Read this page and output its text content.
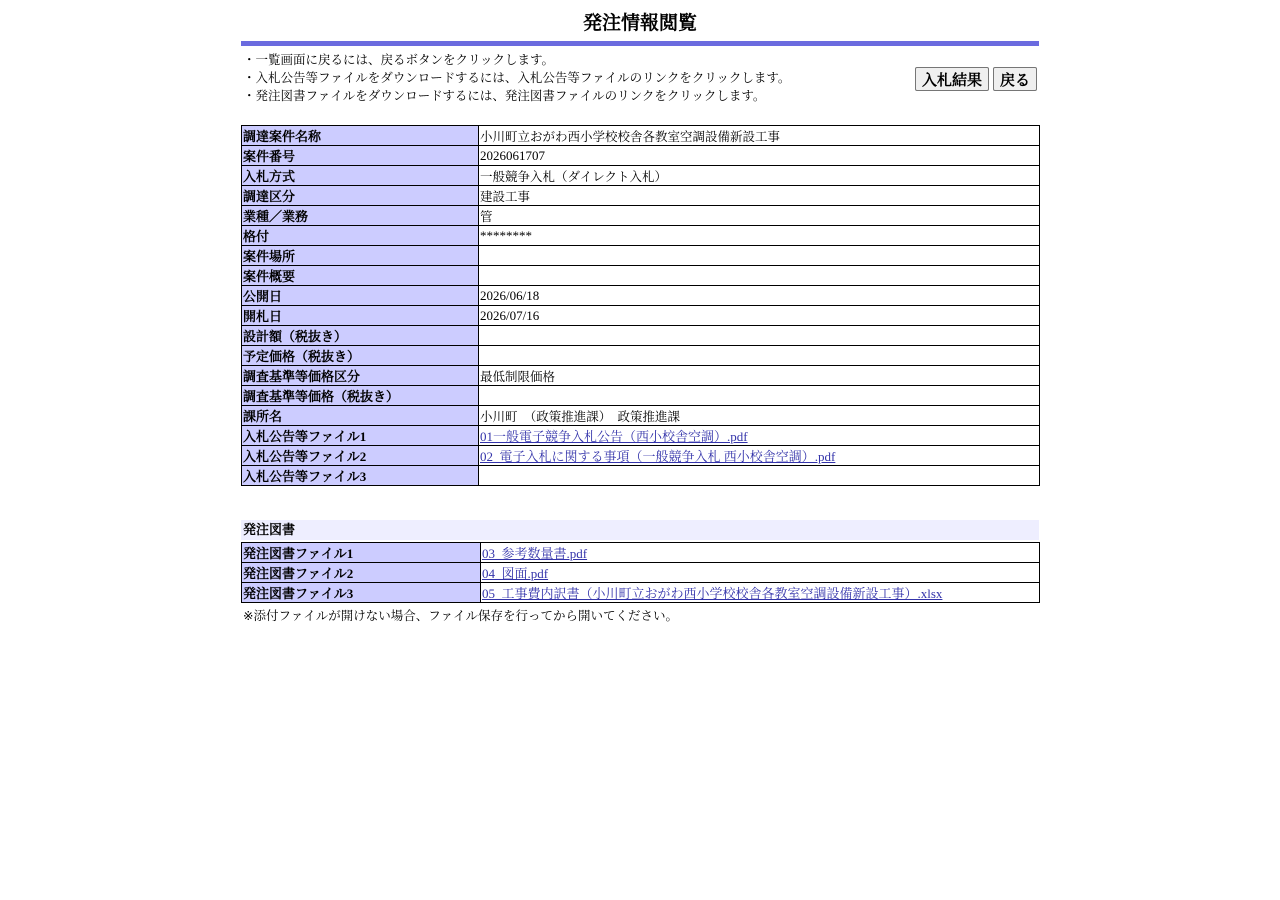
発注情報閲覧
・一覧画面に戻るには、戻るボタンをクリックします。
・入札公告等ファイルをダウンロードするには、入札公告等ファイルのリンクをクリックします。
・発注図書ファイルをダウンロードするには、発注図書ファイルのリンクをクリックします。
入札結果 戻る
調達案件名称	小川町立おがわ西小学校校舎各教室空調設備新設工事
案件番号	2026061707
入札方式	一般競争入札（ダイレクト入札）
調達区分	建設工事
業種／業務	管
格付	********
案件場所	
案件概要	
公開日	2026/06/18
開札日	2026/07/16
設計額（税抜き）	
予定価格（税抜き）	
調査基準等価格区分	最低制限価格
調査基準等価格（税抜き）	
課所名	小川町　（政策推進課）　政策推進課
入札公告等ファイル1	01一般電子競争入札公告（西小校舎空調）.pdf
入札公告等ファイル2	02_電子入札に関する事項（一般競争入札 西小校舎空調）.pdf
入札公告等ファイル3	
発注図書
発注図書ファイル1	03_参考数量書.pdf
発注図書ファイル2	04_図面.pdf
発注図書ファイル3	05_工事費内訳書（小川町立おがわ西小学校校舎各教室空調設備新設工事）.xlsx
※添付ファイルが開けない場合、ファイル保存を行ってから開いてください。
